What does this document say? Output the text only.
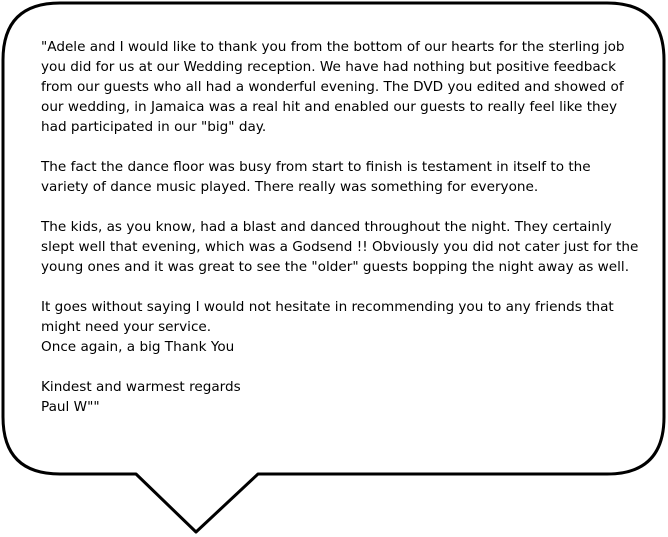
"Adele and I would like to thank you from the bottom of our hearts for the sterling job you did for us at our Wedding reception. We have had nothing but positive feedback from our guests who all had a wonderful evening. The DVD you edited and showed of our wedding, in Jamaica was a real hit and enabled our guests to really feel like they had participated in our "big" day.

The fact the dance floor was busy from start to finish is testament in itself to the variety of dance music played. There really was something for everyone.

The kids, as you know, had a blast and danced throughout the night. They certainly slept well that evening, which was a Godsend !! Obviously you did not cater just for the young ones and it was great to see the "older" guests bopping the night away as well.

It goes without saying I would not hesitate in recommending you to any friends that might need your service.

Once again, a big Thank You

Kindest and warmest regards

Paul W""
